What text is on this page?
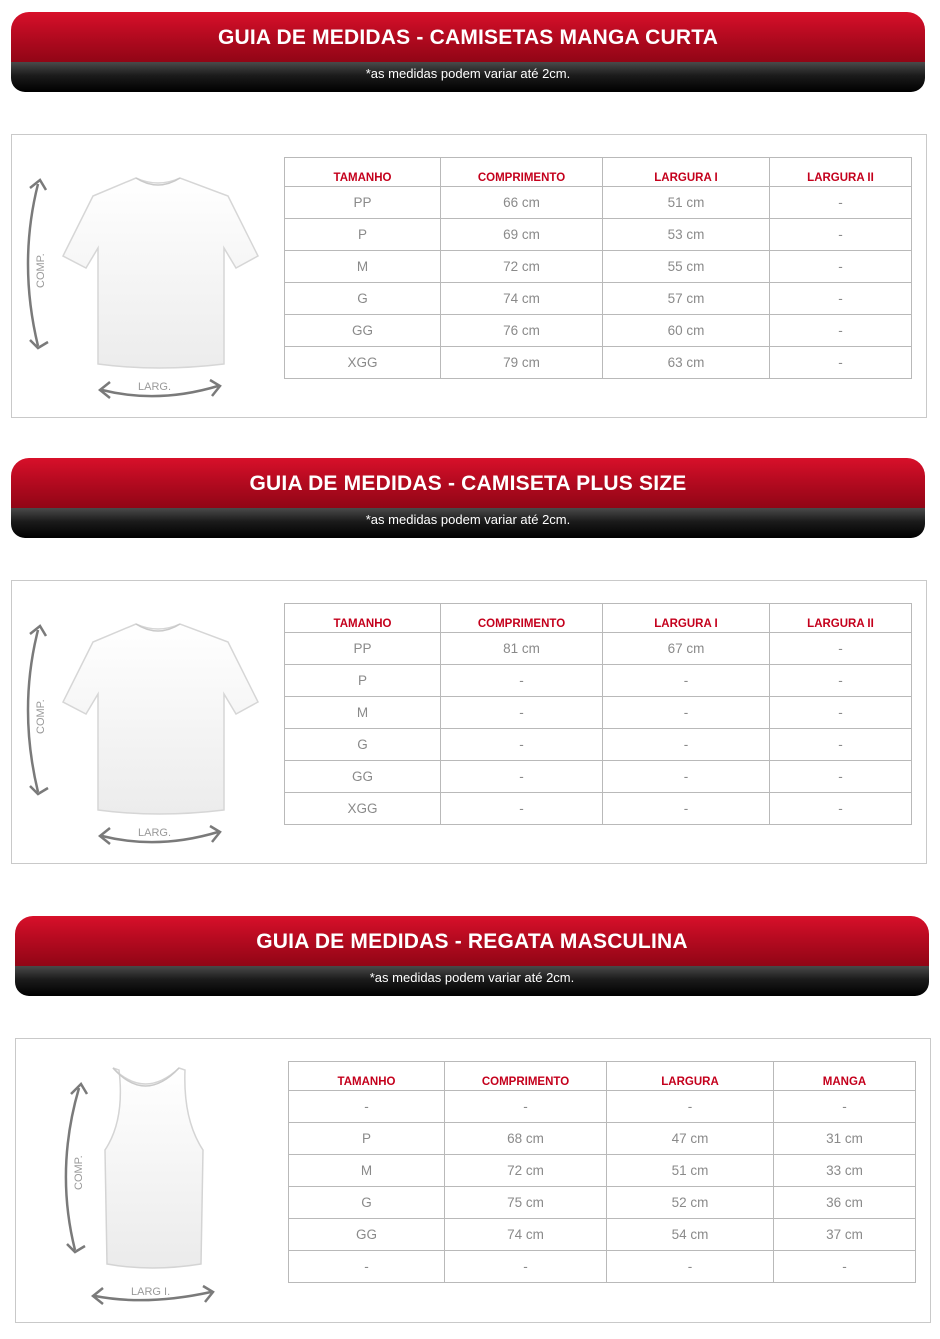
GUIA DE MEDIDAS - CAMISETAS MANGA CURTA
*as medidas podem variar até 2cm.
COMP.
LARG.
TAMANHO	COMPRIMENTO	LARGURA I	LARGURA II
PP	66 cm	51 cm	-
P	69 cm	53 cm	-
M	72 cm	55 cm	-
G	74 cm	57 cm	-
GG	76 cm	60 cm	-
XGG	79 cm	63 cm	-
GUIA DE MEDIDAS - CAMISETA PLUS SIZE
*as medidas podem variar até 2cm.
COMP.
LARG.
TAMANHO	COMPRIMENTO	LARGURA I	LARGURA II
PP	81 cm	67 cm	-
P	-	-	-
M	-	-	-
G	-	-	-
GG	-	-	-
XGG	-	-	-
GUIA DE MEDIDAS - REGATA MASCULINA
*as medidas podem variar até 2cm.
COMP.
LARG I.
TAMANHO	COMPRIMENTO	LARGURA	MANGA
-	-	-	-
P	68 cm	47 cm	31 cm
M	72 cm	51 cm	33 cm
G	75 cm	52 cm	36 cm
GG	74 cm	54 cm	37 cm
-	-	-	-
